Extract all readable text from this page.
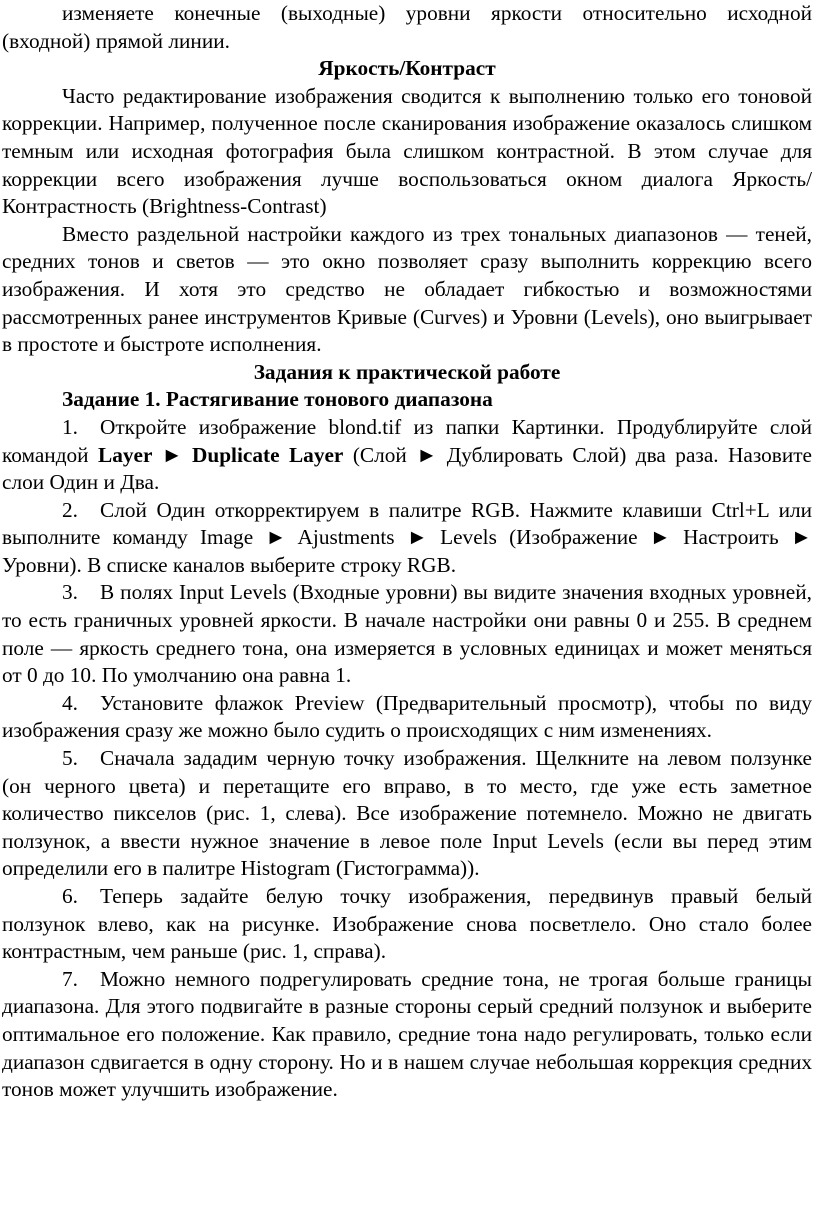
изменяете конечные (выходные) уровни яркости относительно исходной (входной) прямой линии.

Яркость/Контраст

Часто редактирование изображения сводится к выполнению только его тоновой коррекции. Например, полученное после сканирования изображение оказалось слишком темным или исходная фотография была слишком контрастной. В этом случае для коррекции всего изображения лучше воспользоваться окном диалога Яркость/Контрастность (Brightness-Contrast)

Вместо раздельной настройки каждого из трех тональных диапазонов — теней, средних тонов и светов — это окно позволяет сразу выполнить коррекцию всего изображения. И хотя это средство не обладает гибкостью и возможностями рассмотренных ранее инструментов Кривые (Curves) и Уровни (Levels), оно выигрывает в простоте и быстроте исполнения.

Задания к практической работе
Задание 1. Растягивание тонового диапазона

1. Откройте изображение blond.tif из папки Картинки. Продублируйте слой командой Layer ► Duplicate Layer (Слой ► Дублировать Слой) два раза. Назовите слои Один и Два.

2. Слой Один откорректируем в палитре RGB. Нажмите клавиши Ctrl+L или выполните команду Image ► Ajustments ► Levels (Изображение ► Настроить ► Уровни). В списке каналов выберите строку RGB.

3. В полях Input Levels (Входные уровни) вы видите значения входных уровней, то есть граничных уровней яркости. В начале настройки они равны 0 и 255. В среднем поле — яркость среднего тона, она измеряется в условных единицах и может меняться от 0 до 10. По умолчанию она равна 1.

4. Установите флажок Preview (Предварительный просмотр), чтобы по виду изображения сразу же можно было судить о происходящих с ним изменениях.

5. Сначала зададим черную точку изображения. Щелкните на левом ползунке (он черного цвета) и перетащите его вправо, в то место, где уже есть заметное количество пикселов (рис. 1, слева). Все изображение потемнело. Можно не двигать ползунок, а ввести нужное значение в левое поле Input Levels (если вы перед этим определили его в палитре Histogram (Гистограмма)).

6. Теперь задайте белую точку изображения, передвинув правый белый ползунок влево, как на рисунке. Изображение снова посветлело. Оно стало более контрастным, чем раньше (рис. 1, справа).

7. Можно немного подрегулировать средние тона, не трогая больше границы диапазона. Для этого подвигайте в разные стороны серый средний ползунок и выберите оптимальное его положение. Как правило, средние тона надо регулировать, только если диапазон сдвигается в одну сторону. Но и в нашем случае небольшая коррекция средних тонов может улучшить изображение.
